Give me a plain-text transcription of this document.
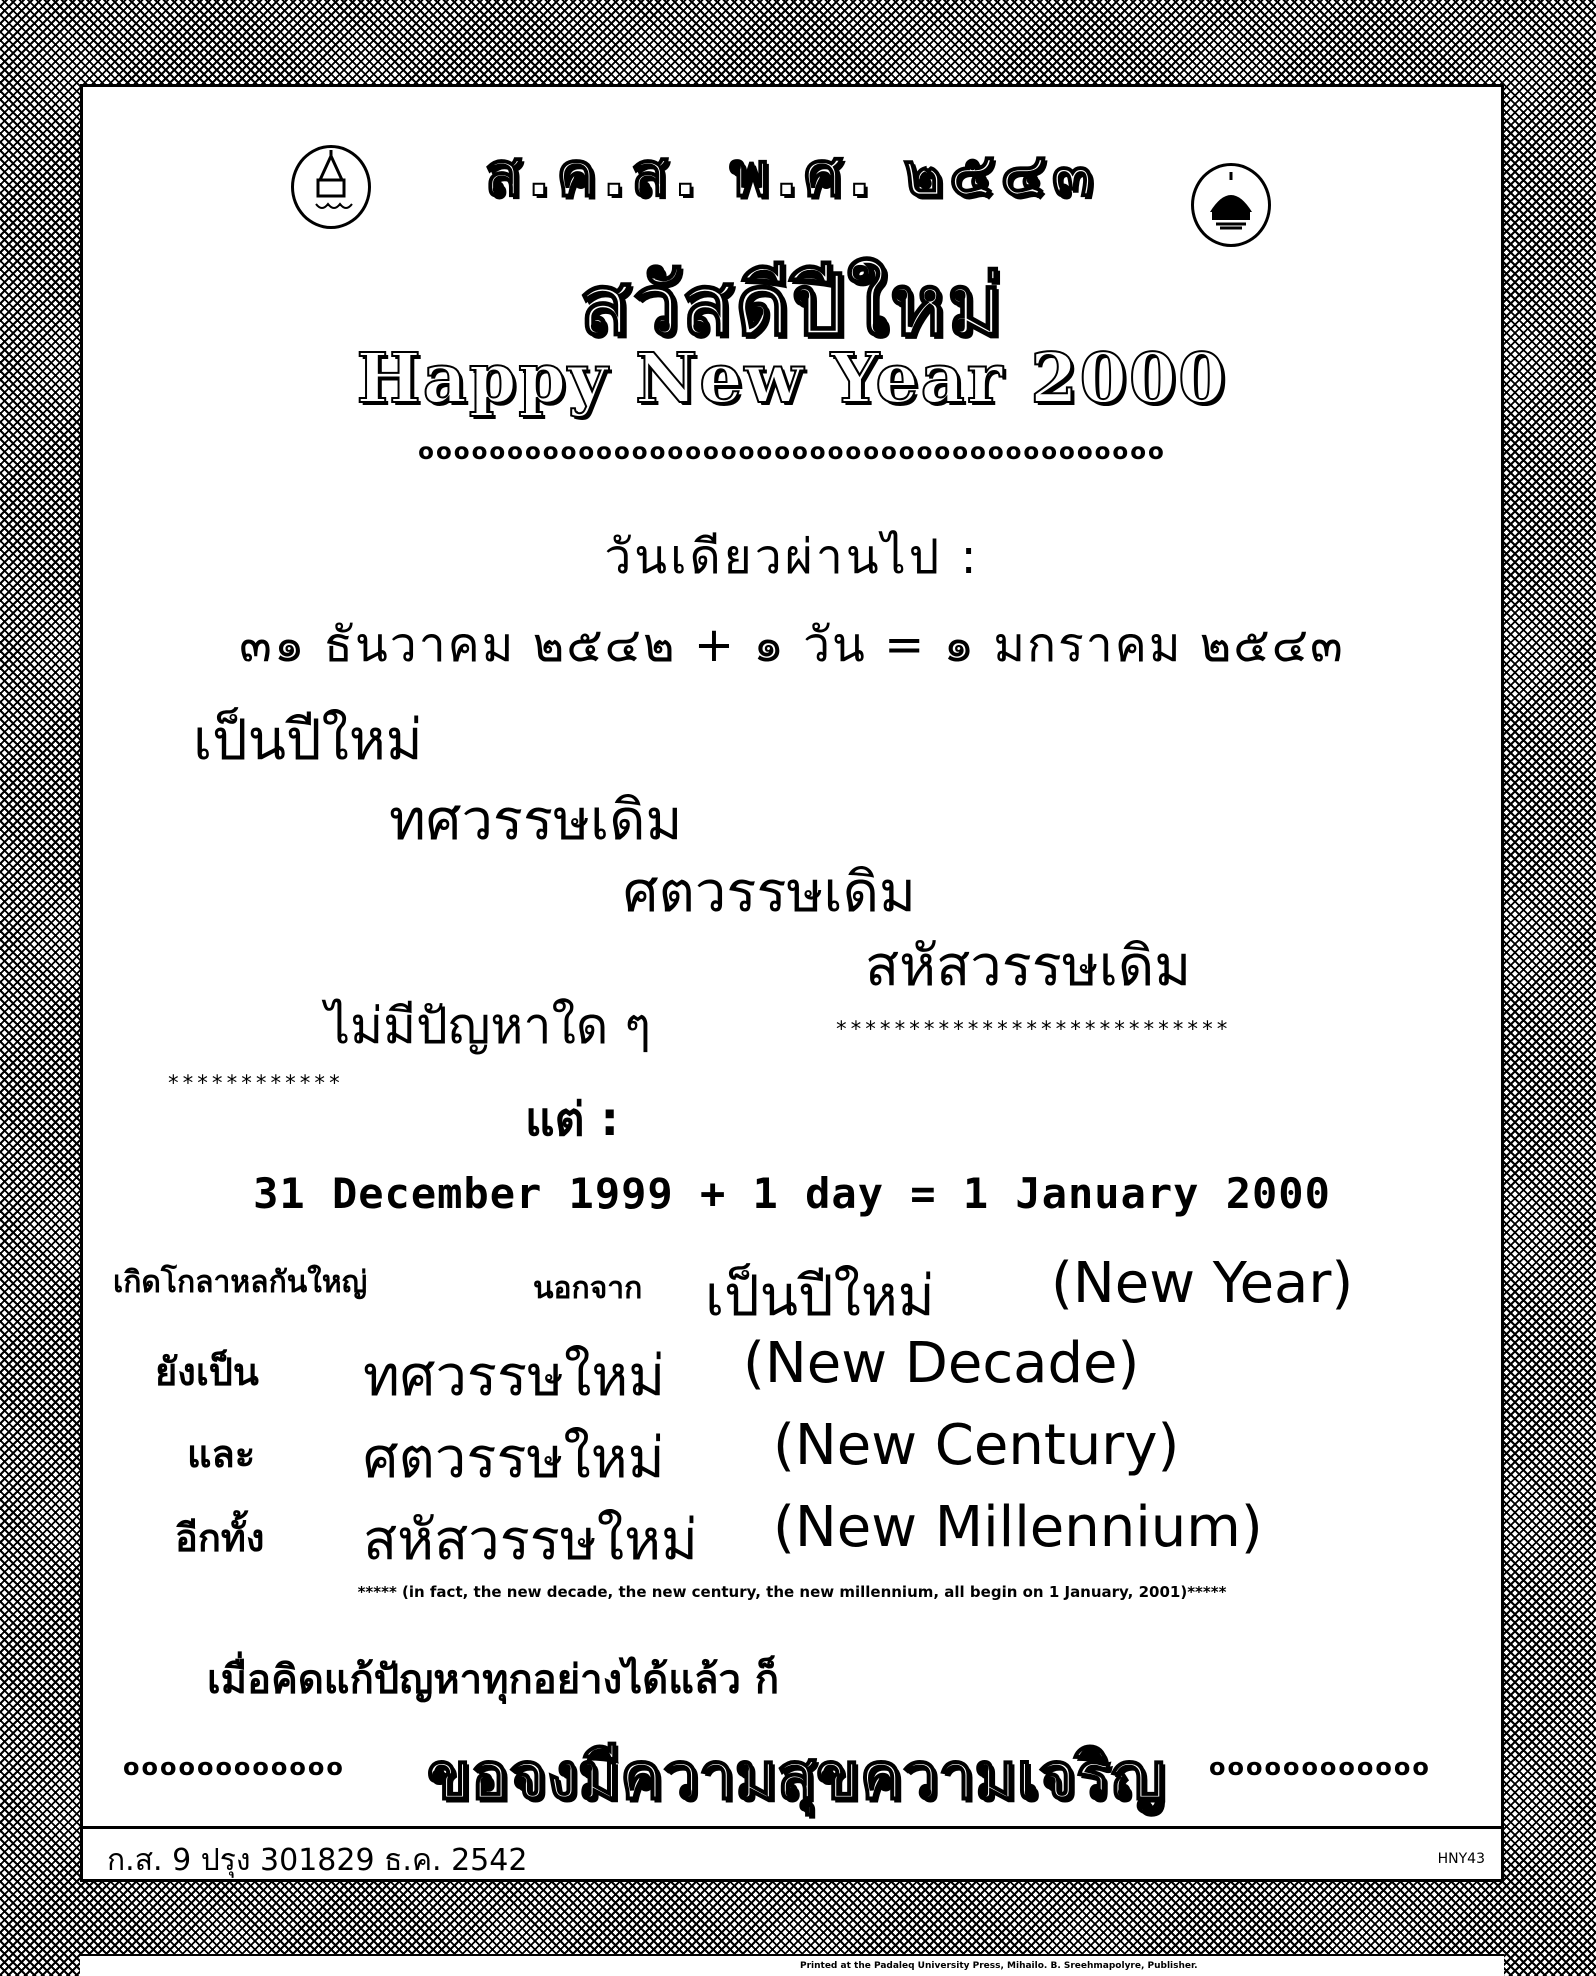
ส.ค.ส. พ.ศ. ๒๕๔๓
สวัสดีปีใหม่
Happy New Year 2000
oooooooooooooooooooooooooooooooooooooooooo
วันเดียวผ่านไป :
๓๑ ธันวาคม ๒๕๔๒ + ๑ วัน = ๑ มกราคม ๒๕๔๓
เป็นปีใหม่
ทศวรรษเดิม
ศตวรรษเดิม
สหัสวรรษเดิม
ไม่มีปัญหาใด ๆ	***************************
************
แต่ :
31 December 1999 + 1 day = 1 January 2000
เกิดโกลาหลกันใหญ่	นอกจาก เป็นปีใหม่ (New Year)
ยังเป็น ทศวรรษใหม่ (New Decade)
และ ศตวรรษใหม่ (New Century)
อีกทั้ง สหัสวรรษใหม่ (New Millennium)
***** (in fact, the new decade, the new century, the new millennium, all begin on 1 January, 2001)*****
เมื่อคิดแก้ปัญหาทุกอย่างได้แล้ว ก็
oooooooooooo ขอจงมีความสุขความเจริญ oooooooooooo
ก.ส. 9 ปรุง 301829 ธ.ค. 2542	HNY43
Printed at the Padaleq University Press, Mihailo. B. Sreehmapolyre, Publisher.
